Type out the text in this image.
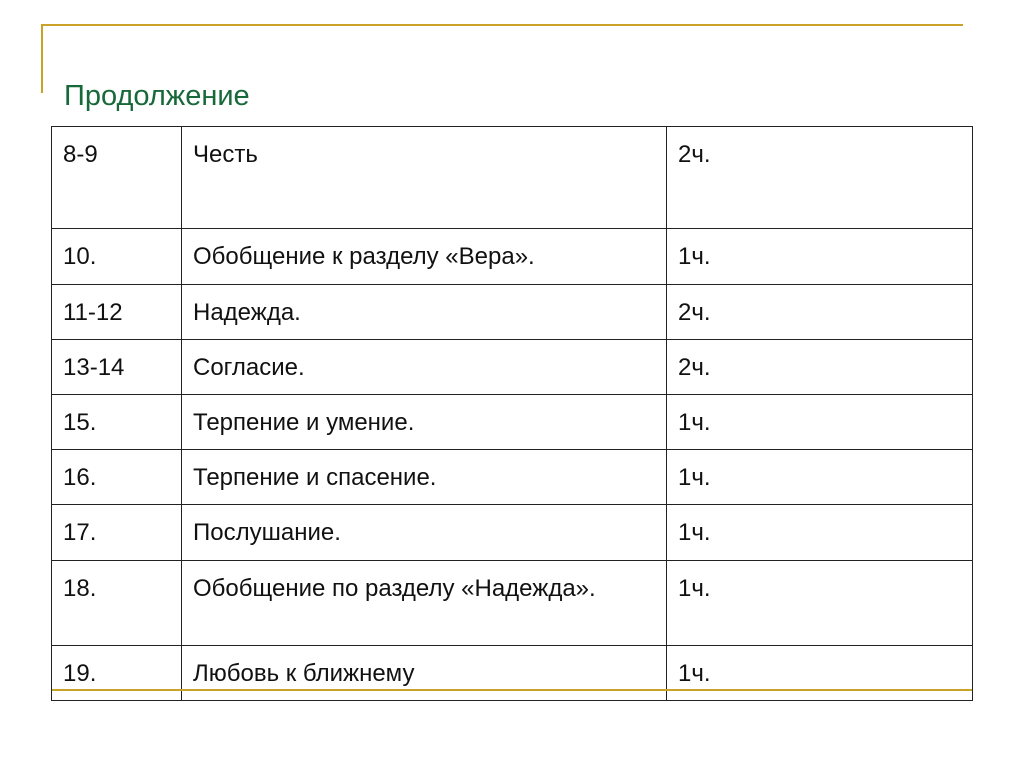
Продолжение
8-9	Честь	2ч.
10.	Обобщение к разделу «Вера».	1ч.
11-12	Надежда.	2ч.
13-14	Согласие.	2ч.
15.	Терпение и умение.	1ч.
16.	Терпение и спасение.	1ч.
17.	Послушание.	1ч.
18.	Обобщение по разделу «Надежда».	1ч.
19.	Любовь к ближнему	1ч.
